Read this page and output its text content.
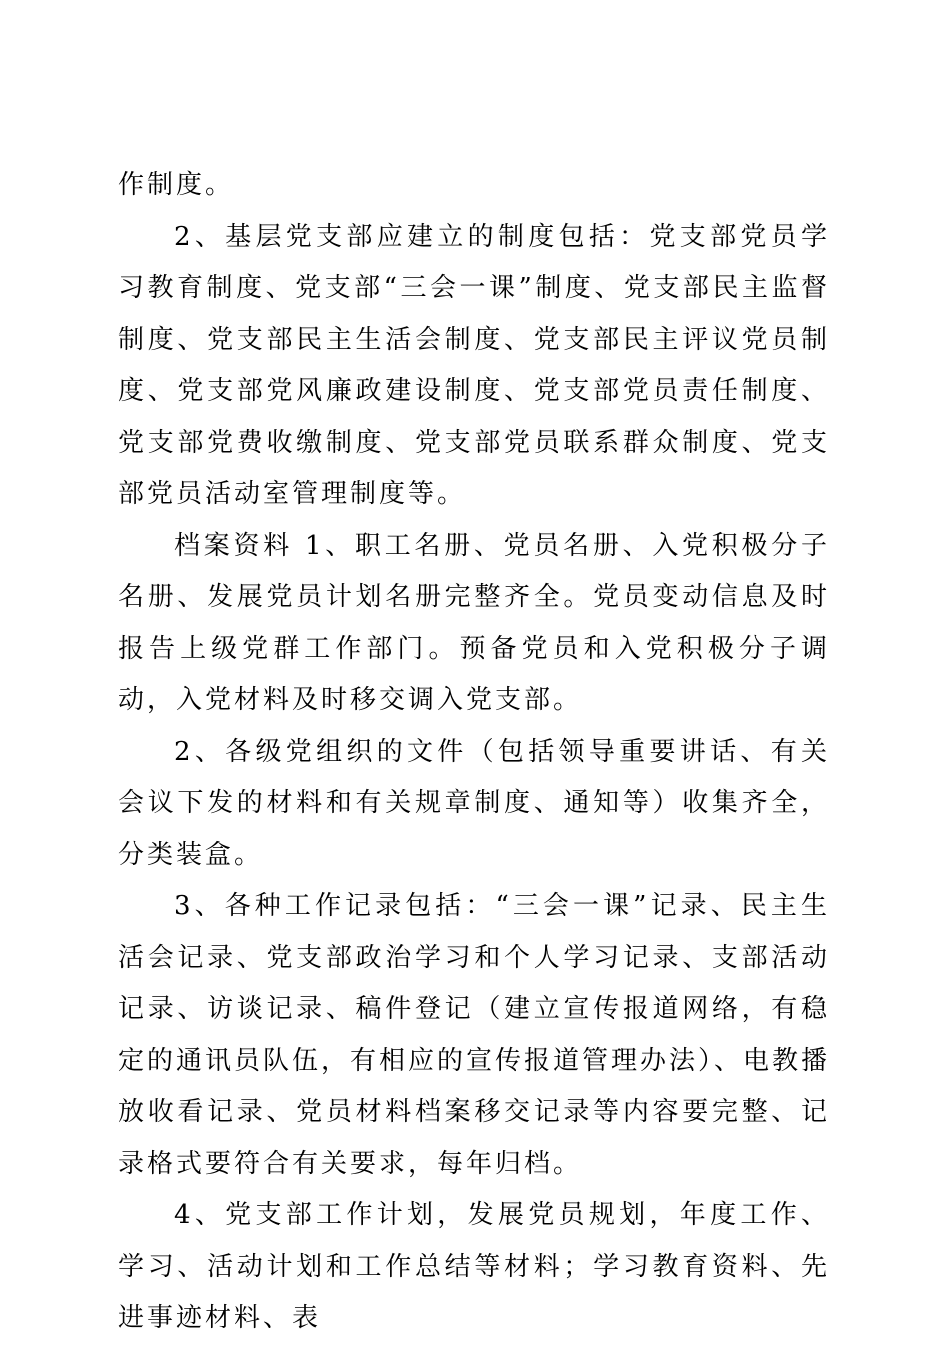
作制度。

2、基层党支部应建立的制度包括：党支部党员学习教育制度、党支部“三会一课”制度、党支部民主监督制度、党支部民主生活会制度、党支部民主评议党员制度、党支部党风廉政建设制度、党支部党员责任制度、党支部党费收缴制度、党支部党员联系群众制度、党支部党员活动室管理制度等。

档案资料 1、职工名册、党员名册、入党积极分子名册、发展党员计划名册完整齐全。党员变动信息及时报告上级党群工作部门。预备党员和入党积极分子调动，入党材料及时移交调入党支部。

2、各级党组织的文件（包括领导重要讲话、有关会议下发的材料和有关规章制度、通知等）收集齐全，分类装盒。

3、各种工作记录包括：“三会一课”记录、民主生活会记录、党支部政治学习和个人学习记录、支部活动记录、访谈记录、稿件登记（建立宣传报道网络，有稳定的通讯员队伍，有相应的宣传报道管理办法）、电教播放收看记录、党员材料档案移交记录等内容要完整、记录格式要符合有关要求，每年归档。

4、党支部工作计划，发展党员规划，年度工作、学习、活动计划和工作总结等材料；学习教育资料、先进事迹材料、表
